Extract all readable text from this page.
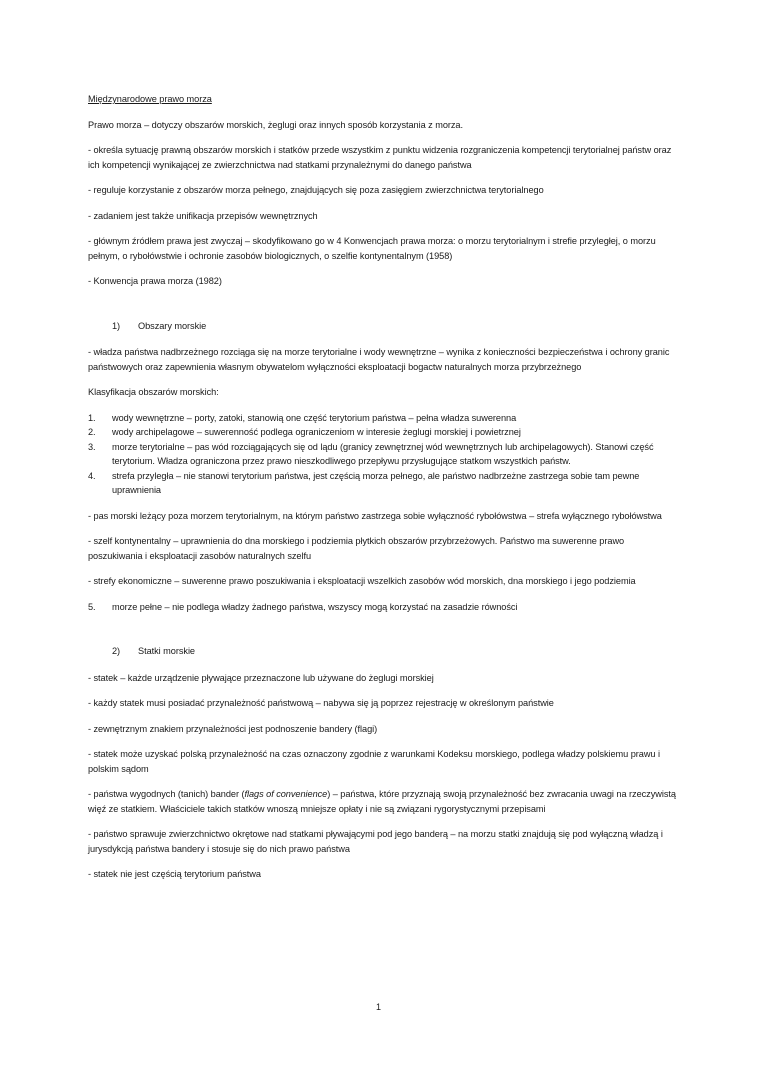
Międzynarodowe prawo morza
Prawo morza – dotyczy obszarów morskich, żeglugi oraz innych sposób korzystania z morza.
- określa sytuację prawną obszarów morskich i statków przede wszystkim z punktu widzenia rozgraniczenia kompetencji terytorialnej państw oraz ich kompetencji wynikającej ze zwierzchnictwa nad statkami przynależnymi do danego państwa
- reguluje korzystanie z obszarów morza pełnego, znajdujących się poza zasięgiem zwierzchnictwa terytorialnego
- zadaniem jest także unifikacja przepisów wewnętrznych
- głównym źródłem prawa jest zwyczaj – skodyfikowano go w 4 Konwencjach prawa morza: o morzu terytorialnym i strefie przyległej, o morzu pełnym, o rybołówstwie i ochronie zasobów biologicznych, o szelfie kontynentalnym (1958)
- Konwencja prawa morza (1982)
1)	Obszary morskie
- władza państwa nadbrzeżnego rozciąga się na morze terytorialne i wody wewnętrzne – wynika z konieczności bezpieczeństwa i ochrony granic państwowych oraz zapewnienia własnym obywatelom wyłączności eksploatacji bogactw naturalnych morza przybrzeżnego
Klasyfikacja obszarów morskich:
1.	wody wewnętrzne – porty, zatoki, stanowią one część terytorium państwa – pełna władza suwerenna
2.	wody archipelagowe – suwerenność podlega ograniczeniom w interesie żeglugi morskiej i powietrznej
3.	morze terytorialne – pas wód rozciągających się od lądu (granicy zewnętrznej wód wewnętrznych lub archipelagowych). Stanowi część terytorium. Władza ograniczona przez prawo nieszkodliwego przepływu przysługujące statkom wszystkich państw.
4.	strefa przyległa – nie stanowi terytorium państwa, jest częścią morza pełnego, ale państwo nadbrzeżne zastrzega sobie tam pewne uprawnienia
- pas morski leżący poza morzem terytorialnym, na którym państwo zastrzega sobie wyłączność rybołówstwa – strefa wyłącznego rybołówstwa
- szelf kontynentalny – uprawnienia do dna morskiego i podziemia płytkich obszarów przybrzeżowych. Państwo ma suwerenne prawo poszukiwania i eksploatacji zasobów naturalnych szelfu
- strefy ekonomiczne – suwerenne prawo poszukiwania i eksploatacji wszelkich zasobów wód morskich, dna morskiego i jego podziemia
5.	morze pełne – nie podlega władzy żadnego państwa, wszyscy mogą korzystać na zasadzie równości
2)	Statki morskie
- statek – każde urządzenie pływające przeznaczone lub używane do żeglugi morskiej
- każdy statek musi posiadać przynależność państwową – nabywa się ją poprzez rejestrację w określonym państwie
- zewnętrznym znakiem przynależności jest podnoszenie bandery (flagi)
- statek może uzyskać polską przynależność na czas oznaczony zgodnie z warunkami Kodeksu morskiego, podlega władzy polskiemu prawu i polskim sądom
- państwa wygodnych (tanich) bander (flags of convenience) – państwa, które przyznają swoją przynależność bez zwracania uwagi na rzeczywistą więź ze statkiem. Właściciele takich statków wnoszą mniejsze opłaty i nie są związani rygorystycznymi przepisami
- państwo sprawuje zwierzchnictwo okrętowe nad statkami pływającymi pod jego banderą – na morzu statki znajdują się pod wyłączną władzą i jurysdykcją państwa bandery i stosuje się do nich prawo państwa
- statek nie jest częścią terytorium państwa
1
